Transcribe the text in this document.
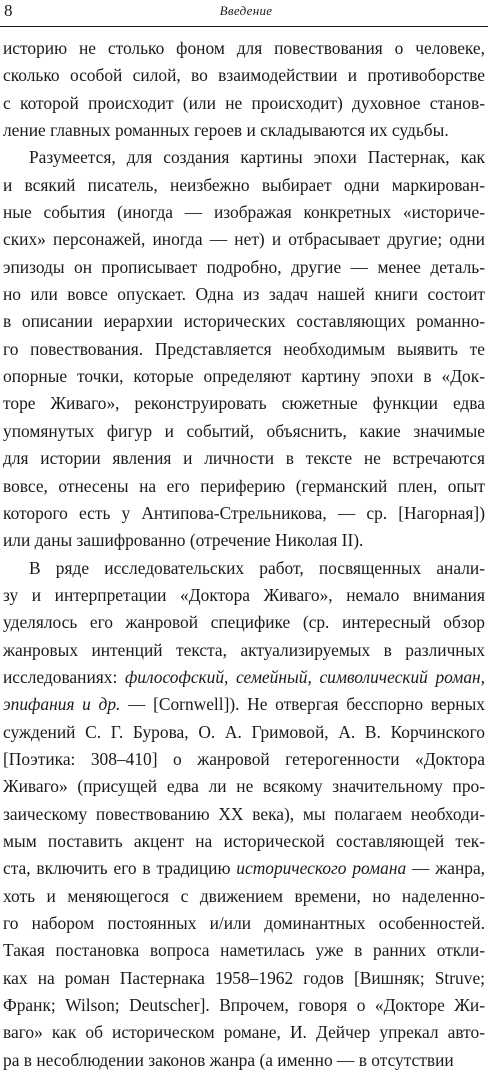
8	Введение
историю не столько фоном для повествования о человеке,
сколько особой силой, во взаимодействии и противоборстве
с которой происходит (или не происходит) духовное станов-
ление главных романных героев и складываются их судьбы.
Разумеется, для создания картины эпохи Пастернак, как
и всякий писатель, неизбежно выбирает одни маркирован-
ные события (иногда — изображая конкретных «историче-
ских» персонажей, иногда — нет) и отбрасывает другие; одни
эпизоды он прописывает подробно, другие — менее деталь-
но или вовсе опускает. Одна из задач нашей книги состоит
в описании иерархии исторических составляющих романно-
го повествования. Представляется необходимым выявить те
опорные точки, которые определяют картину эпохи в «Док-
торе Живаго», реконструировать сюжетные функции едва
упомянутых фигур и событий, объяснить, какие значимые
для истории явления и личности в тексте не встречаются
вовсе, отнесены на его периферию (германский плен, опыт
которого есть у Антипова-Стрельникова, — ср. [Нагорная])
или даны зашифрованно (отречение Николая II).
В ряде исследовательских работ, посвященных анали-
зу и интерпретации «Доктора Живаго», немало внимания
уделялось его жанровой специфике (ср. интересный обзор
жанровых интенций текста, актуализируемых в различных
исследованиях: философский, семейный, символический роман,
эпифания и др. — [Cornwell]). Не отвергая бесспорно верных
суждений С. Г. Бурова, О. А. Гримовой, А. В. Корчинского
[Поэтика: 308–410] о жанровой гетерогенности «Доктора
Живаго» (присущей едва ли не всякому значительному про-
заическому повествованию XX века), мы полагаем необходи-
мым поставить акцент на исторической составляющей тек-
ста, включить его в традицию исторического романа — жанра,
хоть и меняющегося с движением времени, но наделенно-
го набором постоянных и/или доминантных особенностей.
Такая постановка вопроса наметилась уже в ранних откли-
ках на роман Пастернака 1958–1962 годов [Вишняк; Struve;
Франк; Wilson; Deutscher]. Впрочем, говоря о «Докторе Жи-
ваго» как об историческом романе, И. Дейчер упрекал авто-
ра в несоблюдении законов жанра (а именно — в отсутствии
